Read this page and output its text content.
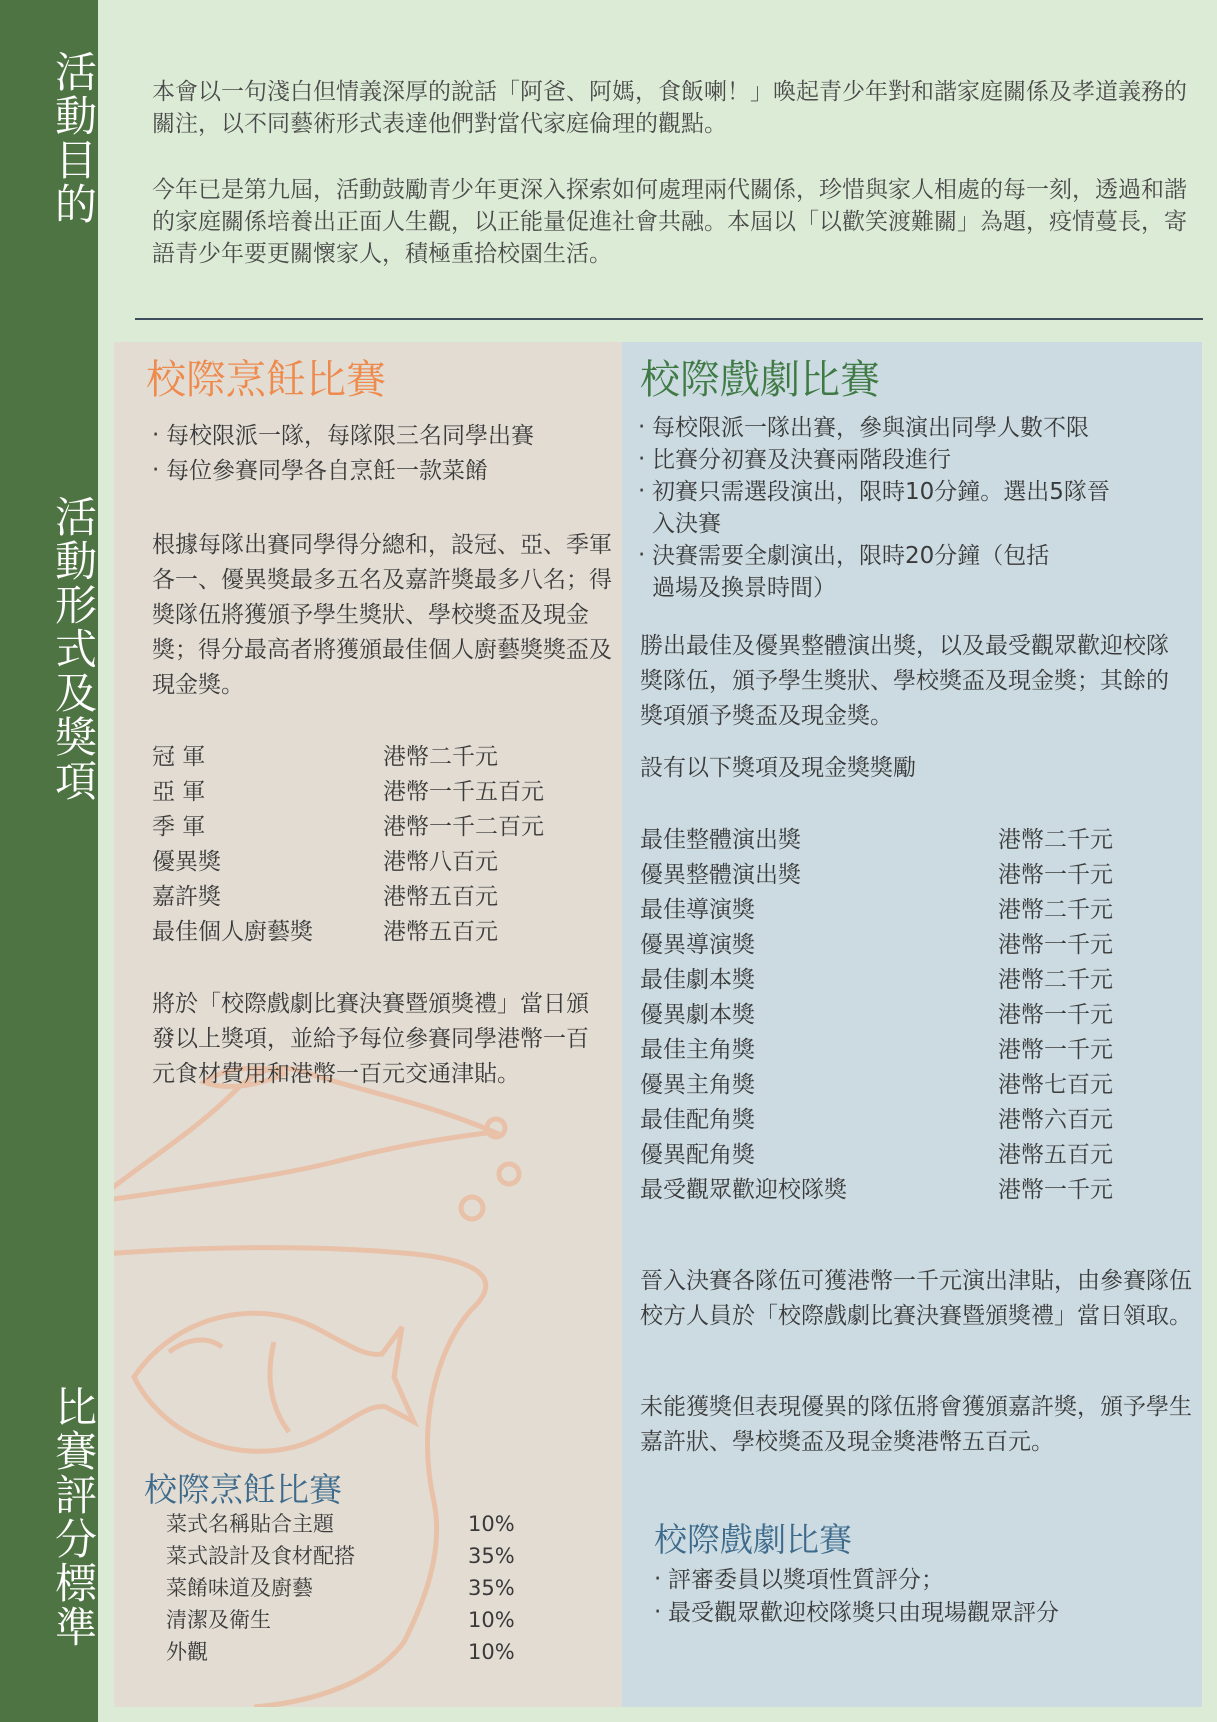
活動目的
活動形式及獎項
比賽評分標準

本會以一句淺白但情義深厚的說話「阿爸、阿媽，食飯喇！」喚起青少年對和諧家庭關係及孝道義務的關注，以不同藝術形式表達他們對當代家庭倫理的觀點。

今年已是第九屆，活動鼓勵青少年更深入探索如何處理兩代關係，珍惜與家人相處的每一刻，透過和諧的家庭關係培養出正面人生觀，以正能量促進社會共融。本屆以「以歡笑渡難關」為題，疫情蔓長，寄語青少年要更關懷家人，積極重拾校園生活。

校際烹飪比賽
· 每校限派一隊，每隊限三名同學出賽
· 每位參賽同學各自烹飪一款菜餚
根據每隊出賽同學得分總和，設冠、亞、季軍各一、優異獎最多五名及嘉許獎最多八名；得獎隊伍將獲頒予學生獎狀、學校獎盃及現金獎；得分最高者將獲頒最佳個人廚藝獎獎盃及現金獎。
冠 軍	港幣二千元
亞 軍	港幣一千五百元
季 軍	港幣一千二百元
優異獎	港幣八百元
嘉許獎	港幣五百元
最佳個人廚藝獎	港幣五百元
將於「校際戲劇比賽決賽暨頒獎禮」當日頒發以上獎項，並給予每位參賽同學港幣一百元食材費用和港幣一百元交通津貼。
校際烹飪比賽
菜式名稱貼合主題	10%
菜式設計及食材配搭	35%
菜餚味道及廚藝	35%
清潔及衛生	10%
外觀	10%
校際戲劇比賽
· 每校限派一隊出賽，參與演出同學人數不限
· 比賽分初賽及決賽兩階段進行
· 初賽只需選段演出，限時10分鐘。選出5隊晉入決賽
· 決賽需要全劇演出，限時20分鐘（包括過場及換景時間）
勝出最佳及優異整體演出獎，以及最受觀眾歡迎校隊獎隊伍，頒予學生獎狀、學校獎盃及現金獎；其餘的獎項頒予獎盃及現金獎。
設有以下獎項及現金獎獎勵
最佳整體演出獎	港幣二千元
優異整體演出獎	港幣一千元
最佳導演獎	港幣二千元
優異導演獎	港幣一千元
最佳劇本獎	港幣二千元
優異劇本獎	港幣一千元
最佳主角獎	港幣一千元
優異主角獎	港幣七百元
最佳配角獎	港幣六百元
優異配角獎	港幣五百元
最受觀眾歡迎校隊獎	港幣一千元
晉入決賽各隊伍可獲港幣一千元演出津貼，由參賽隊伍校方人員於「校際戲劇比賽決賽暨頒獎禮」當日領取。
未能獲獎但表現優異的隊伍將會獲頒嘉許獎，頒予學生嘉許狀、學校獎盃及現金獎港幣五百元。
校際戲劇比賽
· 評審委員以獎項性質評分；
· 最受觀眾歡迎校隊獎只由現場觀眾評分
